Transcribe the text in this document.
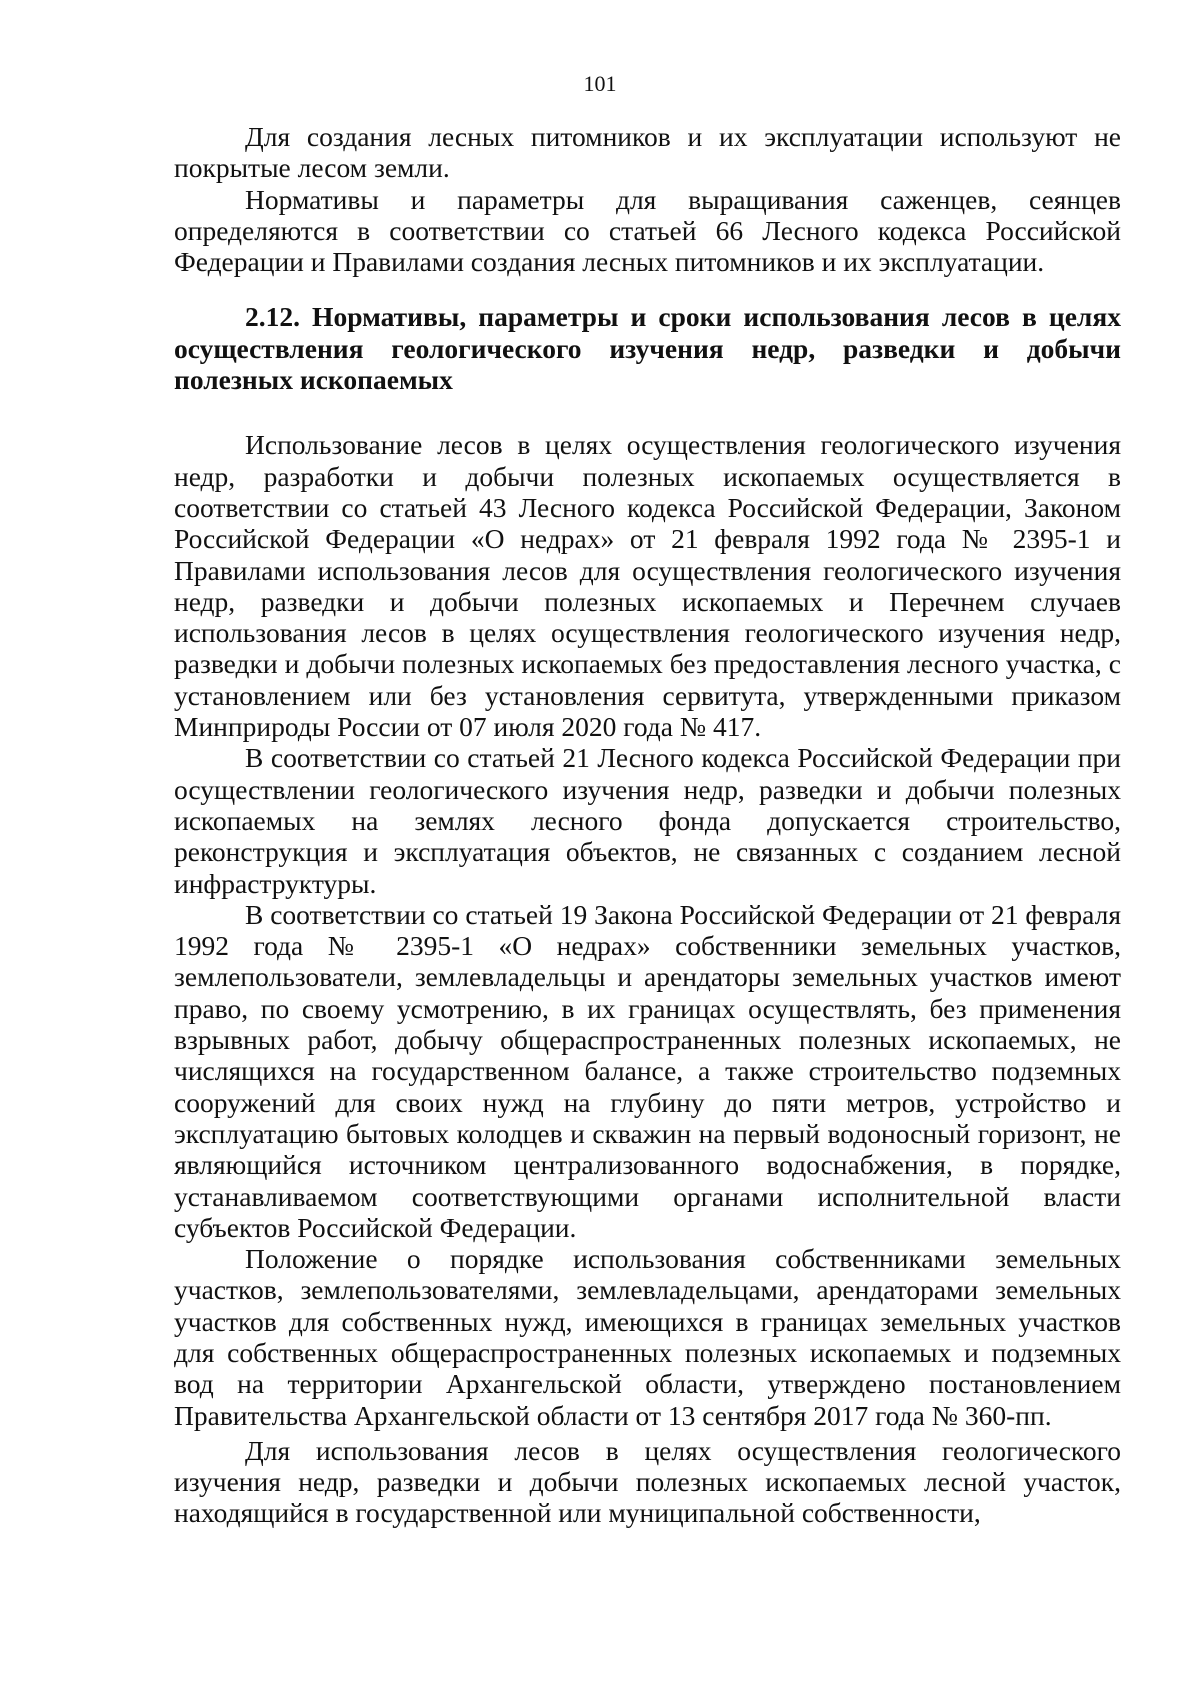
101

Для создания лесных питомников и их эксплуатации используют не покрытые лесом земли.

Нормативы и параметры для выращивания саженцев, сеянцев определяются в соответствии со статьей 66 Лесного кодекса Российской Федерации и Правилами создания лесных питомников и их эксплуатации.

2.12. Нормативы, параметры и сроки использования лесов в целях осуществления геологического изучения недр, разведки и добычи полезных ископаемых

Использование лесов в целях осуществления геологического изучения недр, разработки и добычи полезных ископаемых осуществляется в соответствии со статьей 43 Лесного кодекса Российской Федерации, Законом Российской Федерации «О недрах» от 21 февраля 1992 года № 2395-1 и Правилами использования лесов для осуществления геологического изучения недр, разведки и добычи полезных ископаемых и Перечнем случаев использования лесов в целях осуществления геологического изучения недр, разведки и добычи полезных ископаемых без предоставления лесного участка, с установлением или без установления сервитута, утвержденными приказом Минприроды России от 07 июля 2020 года № 417.

В соответствии со статьей 21 Лесного кодекса Российской Федерации при осуществлении геологического изучения недр, разведки и добычи полезных ископаемых на землях лесного фонда допускается строительство, реконструкция и эксплуатация объектов, не связанных с созданием лесной инфраструктуры.

В соответствии со статьей 19 Закона Российской Федерации от 21 февраля 1992 года № 2395-1 «О недрах» собственники земельных участков, землепользователи, землевладельцы и арендаторы земельных участков имеют право, по своему усмотрению, в их границах осуществлять, без применения взрывных работ, добычу общераспространенных полезных ископаемых, не числящихся на государственном балансе, а также строительство подземных сооружений для своих нужд на глубину до пяти метров, устройство и эксплуатацию бытовых колодцев и скважин на первый водоносный горизонт, не являющийся источником централизованного водоснабжения, в порядке, устанавливаемом соответствующими органами исполнительной власти субъектов Российской Федерации.

Положение о порядке использования собственниками земельных участков, землепользователями, землевладельцами, арендаторами земельных участков для собственных нужд, имеющихся в границах земельных участков для собственных общераспространенных полезных ископаемых и подземных вод на территории Архангельской области, утверждено постановлением Правительства Архангельской области от 13 сентября 2017 года № 360-пп.

Для использования лесов в целях осуществления геологического изучения недр, разведки и добычи полезных ископаемых лесной участок, находящийся в государственной или муниципальной собственности,
